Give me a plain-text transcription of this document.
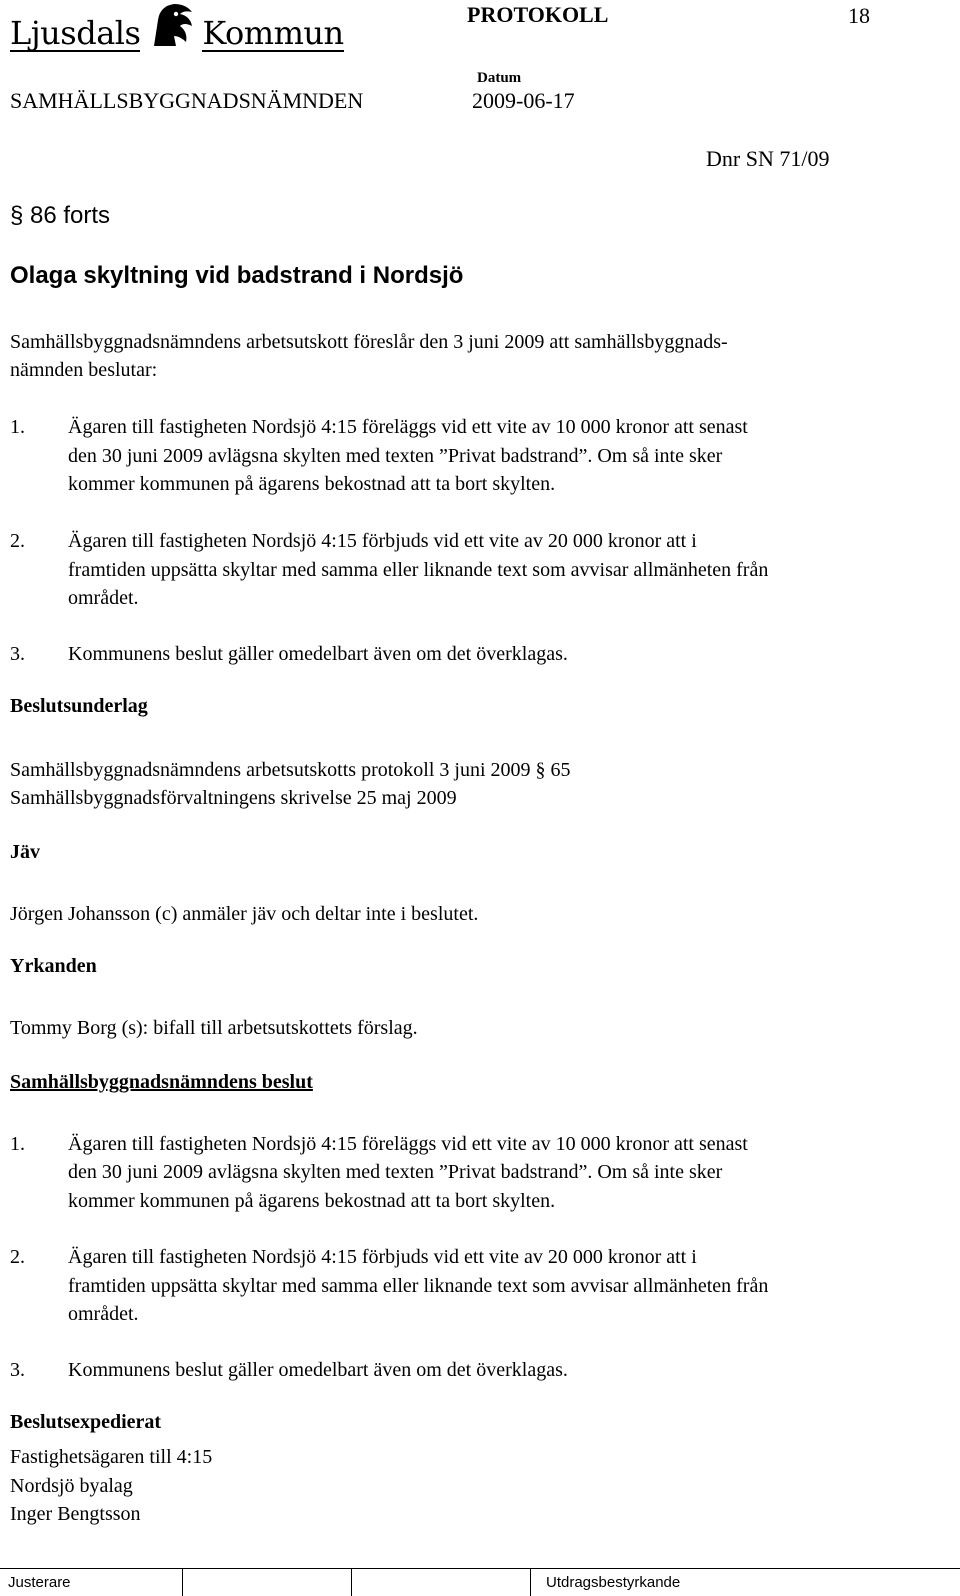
Ljusdals Kommun	PROTOKOLL	18
Datum
SAMHÄLLSBYGGNADSNÄMNDEN	2009-06-17
Dnr SN 71/09
§ 86 forts
Olaga skyltning vid badstrand i Nordsjö
Samhällsbyggnadsnämndens arbetsutskott föreslår den 3 juni 2009 att samhällsbyggnads-
nämnden beslutar:
1. Ägaren till fastigheten Nordsjö 4:15 föreläggs vid ett vite av 10 000 kronor att senast
den 30 juni 2009 avlägsna skylten med texten ”Privat badstrand”. Om så inte sker
kommer kommunen på ägarens bekostnad att ta bort skylten.
2. Ägaren till fastigheten Nordsjö 4:15 förbjuds vid ett vite av 20 000 kronor att i
framtiden uppsätta skyltar med samma eller liknande text som avvisar allmänheten från
området.
3. Kommunens beslut gäller omedelbart även om det överklagas.
Beslutsunderlag
Samhällsbyggnadsnämndens arbetsutskotts protokoll 3 juni 2009 § 65
Samhällsbyggnadsförvaltningens skrivelse 25 maj 2009
Jäv
Jörgen Johansson (c) anmäler jäv och deltar inte i beslutet.
Yrkanden
Tommy Borg (s): bifall till arbetsutskottets förslag.
Samhällsbyggnadsnämndens beslut
1. Ägaren till fastigheten Nordsjö 4:15 föreläggs vid ett vite av 10 000 kronor att senast
den 30 juni 2009 avlägsna skylten med texten ”Privat badstrand”. Om så inte sker
kommer kommunen på ägarens bekostnad att ta bort skylten.
2. Ägaren till fastigheten Nordsjö 4:15 förbjuds vid ett vite av 20 000 kronor att i
framtiden uppsätta skyltar med samma eller liknande text som avvisar allmänheten från
området.
3. Kommunens beslut gäller omedelbart även om det överklagas.
Beslutsexpedierat
Fastighetsägaren till 4:15
Nordsjö byalag
Inger Bengtsson
Justerare	Utdragsbestyrkande
